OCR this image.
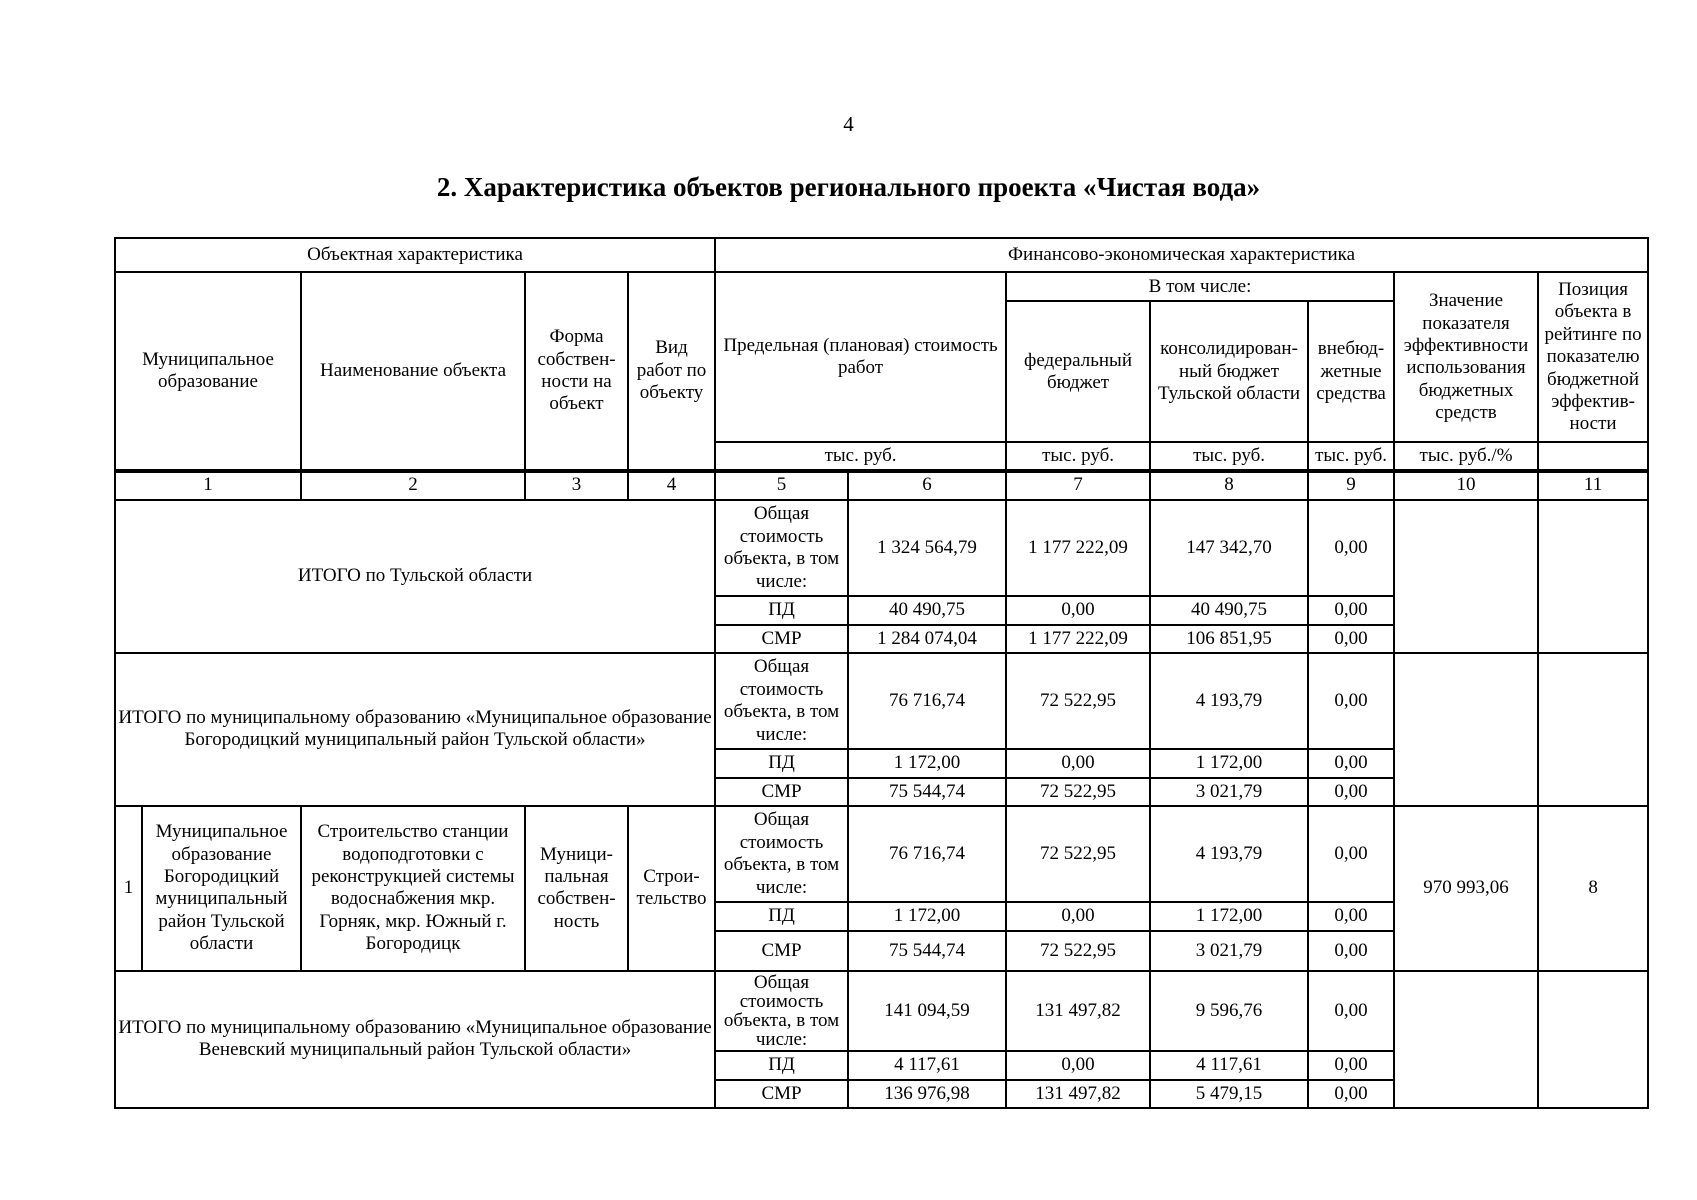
4
2. Характеристика объектов регионального проекта «Чистая вода»
Объектная характеристика					Финансово-экономическая характеристика						
Муниципальное образование		Наименование объекта	Форма собствен-ности на объект	Вид работ по объекту	Предельная (плановая) стоимость работ		В том числе:			Значение показателя эффективности использования бюджетных средств	Позиция объекта в рейтинге по показателю бюджетной эффектив-ности
							федеральный бюджет	консолидирован-ный бюджет Тульской области	внебюд-жетные средства		
					тыс. руб.		тыс. руб.	тыс. руб.	тыс. руб.	тыс. руб./%	
1		2	3	4	5	6	7	8	9	10	11
ИТОГО по Тульской области					Общая стоимость объекта, в том числе:	1 324 564,79	1 177 222,09	147 342,70	0,00		
					ПД	40 490,75	0,00	40 490,75	0,00		
					СМР	1 284 074,04	1 177 222,09	106 851,95	0,00		
ИТОГО по муниципальному образованию «Муниципальное образование Богородицкий муниципальный район Тульской области»					Общая стоимость объекта, в том числе:	76 716,74	72 522,95	4 193,79	0,00		
					ПД	1 172,00	0,00	1 172,00	0,00		
					СМР	75 544,74	72 522,95	3 021,79	0,00		
1	Муниципальное образование Богородицкий муниципальный район Тульской области	Строительство станции водоподготовки с реконструкцией системы водоснабжения мкр. Горняк, мкр. Южный г. Богородицк	Муници-пальная собствен-ность	Строи-тельство	Общая стоимость объекта, в том числе:	76 716,74	72 522,95	4 193,79	0,00	970 993,06	8
					ПД	1 172,00	0,00	1 172,00	0,00		
					СМР	75 544,74	72 522,95	3 021,79	0,00		
ИТОГО по муниципальному образованию «Муниципальное образование Веневский муниципальный район Тульской области»					Общая стоимость объекта, в том числе:	141 094,59	131 497,82	9 596,76	0,00		
					ПД	4 117,61	0,00	4 117,61	0,00		
					СМР	136 976,98	131 497,82	5 479,15	0,00		
